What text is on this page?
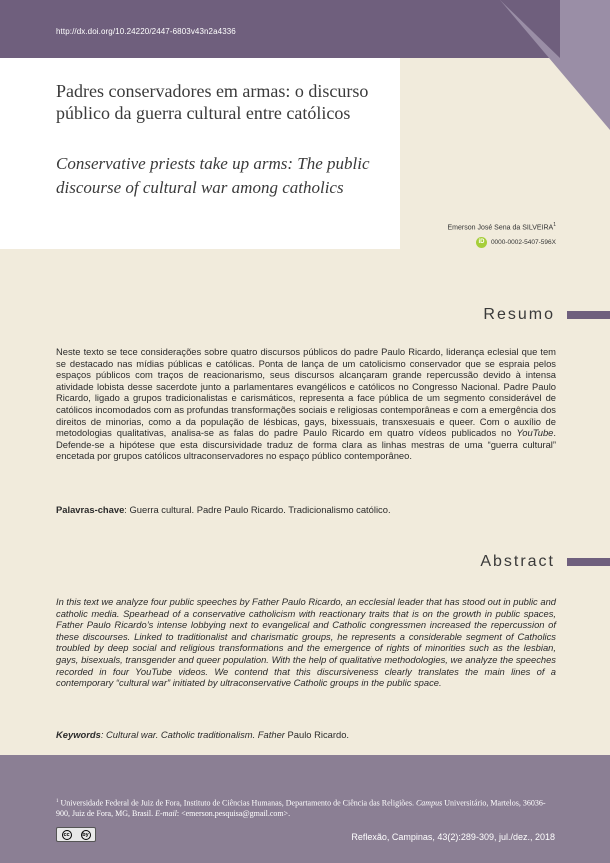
http://dx.doi.org/10.24220/2447-6803v43n2a4336
Padres conservadores em armas: o discurso público da guerra cultural entre católicos
Conservative priests take up arms: The public discourse of cultural war among catholics
Emerson José Sena da SILVEIRA$^1$
iD	0000-0002-5407-596X
Resumo

Neste texto se tece considerações sobre quatro discursos públicos do padre Paulo Ricardo, liderança eclesial que tem se destacado nas mídias públicas e católicas. Ponta de lança de um catolicismo conservador que se espraia pelos espaços públicos com traços de reacionarismo, seus discursos alcançaram grande repercussão devido à intensa atividade lobista desse sacerdote junto a parlamentares evangélicos e católicos no Congresso Nacional. Padre Paulo Ricardo, ligado a grupos tradicionalistas e carismáticos, representa a face pública de um segmento considerável de católicos incomodados com as profundas transformações sociais e religiosas contemporâneas e com a emergência dos direitos de minorias, como a da população de lésbicas, gays, bixessuais, transxesuais e queer. Com o auxílio de metodologias qualitativas, analisa-se as falas do padre Paulo Ricardo em quatro vídeos publicados no YouTube. Defende-se a hipótese que esta discursividade traduz de forma clara as linhas mestras de uma “guerra cultural” encetada por grupos católicos ultraconservadores no espaço público contemporâneo.

Palavras-chave: Guerra cultural. Padre Paulo Ricardo. Tradicionalismo católico.

Abstract

In this text we analyze four public speeches by Father Paulo Ricardo, an ecclesial leader that has stood out in public and catholic media. Spearhead of a conservative catholicism with reactionary traits that is on the growth in public spaces, Father Paulo Ricardo’s intense lobbying next to evangelical and Catholic congressmen increased the repercussion of these discourses. Linked to traditionalist and charismatic groups, he represents a considerable segment of Catholics troubled by deep social and religious transformations and the emergence of rights of minorities such as the lesbian, gays, bisexuals, transgender and queer population. With the help of qualitative methodologies, we analyze the speeches recorded in four YouTube videos. We contend that this discursiveness clearly translates the main lines of a contemporary “cultural war” initiated by ultraconservative Catholic groups in the public space.

Keywords: Cultural war. Catholic traditionalism. Father Paulo Ricardo.

$^1$ Universidade Federal de Juiz de Fora, Instituto de Ciências Humanas, Departamento de Ciência das Religiões. Campus Universitário, Martelos, 36036-900, Juiz de Fora, MG, Brasil. E-mail: <emerson.pesquisa@gmail.com>.

cc	by	Reflexão, Campinas, 43(2):289-309, jul./dez., 2018
